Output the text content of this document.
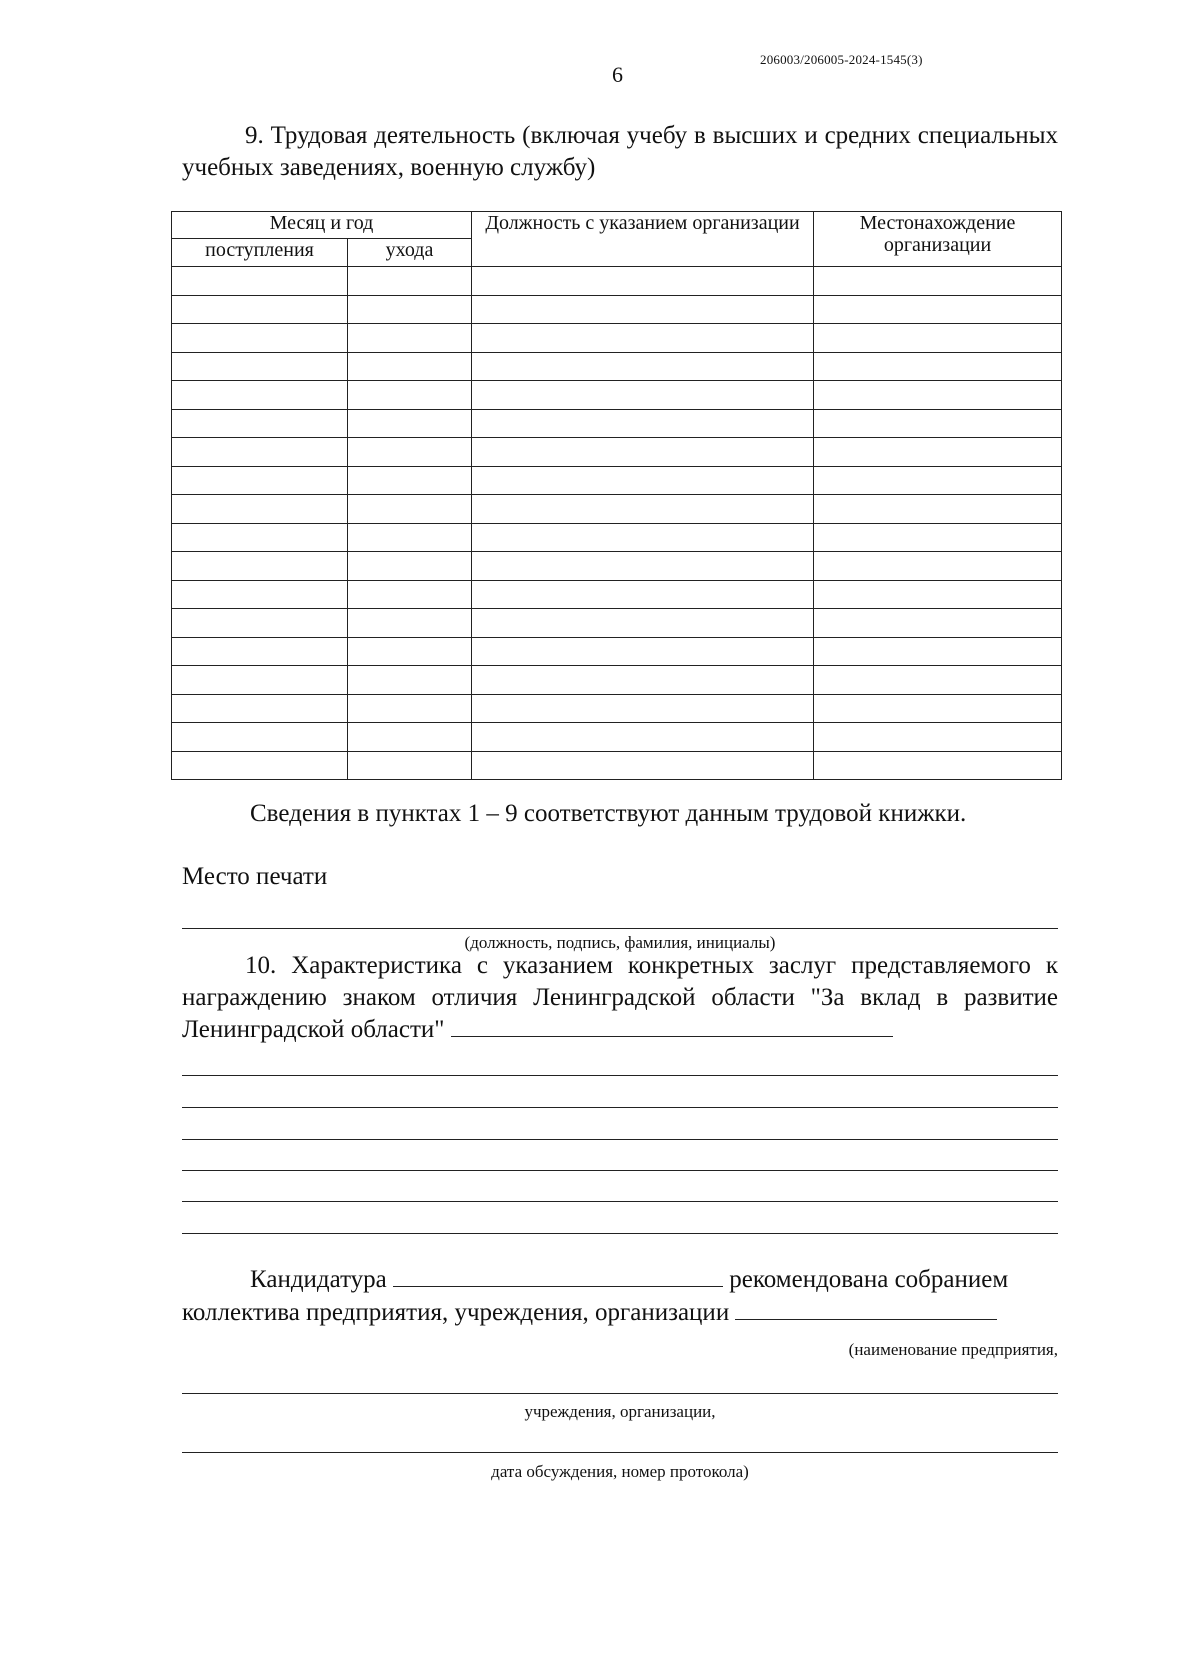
206003/206005-2024-1545(3)
6
9. Трудовая деятельность (включая учебу в высших и средних специальных учебных заведениях, военную службу)
Месяц и год		Должность с указанием организации	Местонахождение организации
поступления	ухода		

Сведения в пунктах 1 – 9 соответствуют данным трудовой книжки.
Место печати
(должность, подпись, фамилия, инициалы)
10. Характеристика с указанием конкретных заслуг представляемого к награждению знаком отличия Ленинградской области "За вклад в развитие Ленинградской области"
Кандидатура	рекомендована собранием
коллектива предприятия, учреждения, организации
(наименование предприятия,
учреждения, организации,
дата обсуждения, номер протокола)
